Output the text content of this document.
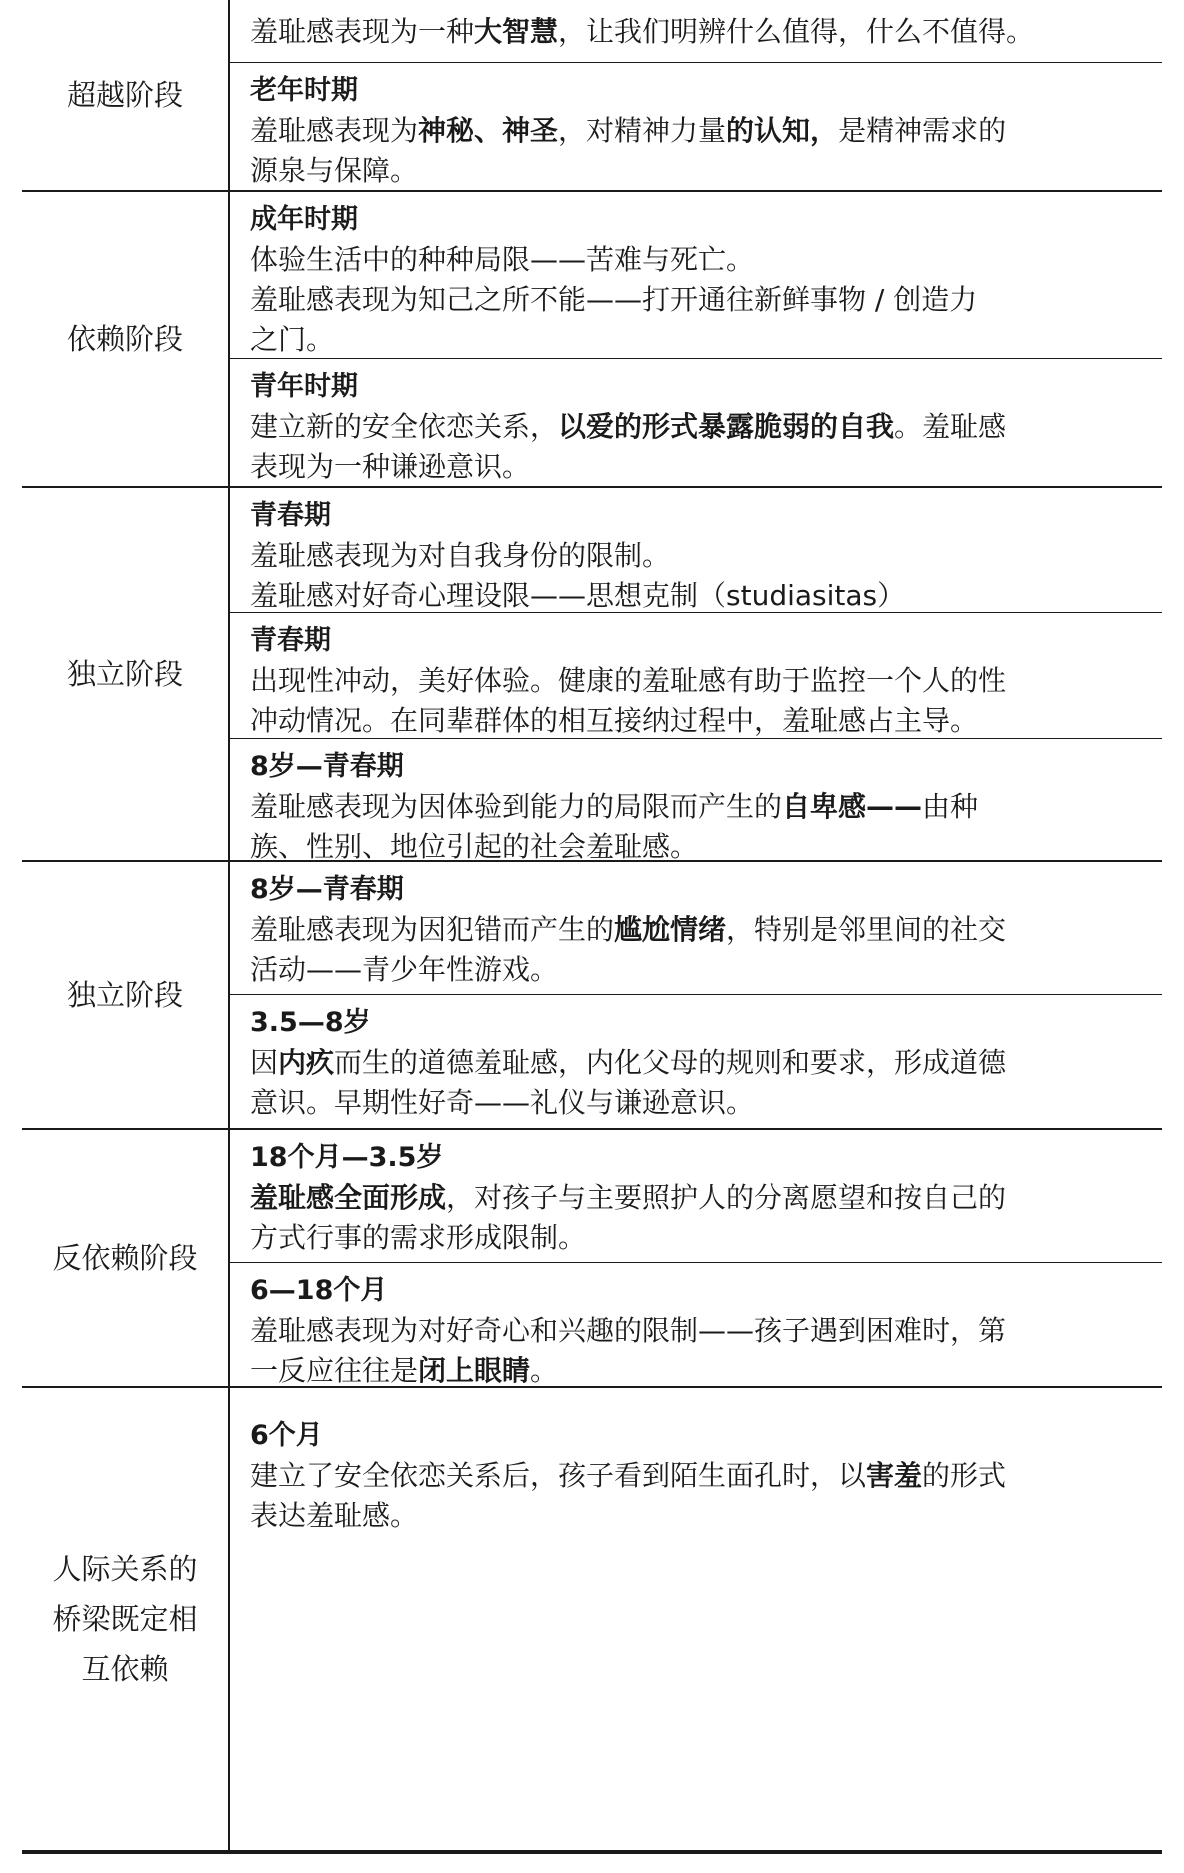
超越阶段
羞耻感表现为一种大智慧，让我们明辨什么值得，什么不值得。
老年时期
羞耻感表现为神秘、神圣，对精神力量的认知，是精神需求的
源泉与保障。
依赖阶段
成年时期
体验生活中的种种局限——苦难与死亡。
羞耻感表现为知己之所不能——打开通往新鲜事物 / 创造力
之门。
青年时期
建立新的安全依恋关系，以爱的形式暴露脆弱的自我。羞耻感
表现为一种谦逊意识。
独立阶段
青春期
羞耻感表现为对自我身份的限制。
羞耻感对好奇心理设限——思想克制（studiasitas）
青春期
出现性冲动，美好体验。健康的羞耻感有助于监控一个人的性
冲动情况。在同辈群体的相互接纳过程中，羞耻感占主导。
8岁—青春期
羞耻感表现为因体验到能力的局限而产生的自卑感——由种
族、性别、地位引起的社会羞耻感。
独立阶段
8岁—青春期
羞耻感表现为因犯错而产生的尴尬情绪，特别是邻里间的社交
活动——青少年性游戏。
3.5—8岁
因内疚而生的道德羞耻感，内化父母的规则和要求，形成道德
意识。早期性好奇——礼仪与谦逊意识。
反依赖阶段
18个月—3.5岁
羞耻感全面形成，对孩子与主要照护人的分离愿望和按自己的
方式行事的需求形成限制。
6—18个月
羞耻感表现为对好奇心和兴趣的限制——孩子遇到困难时，第
一反应往往是闭上眼睛。
人际关系的桥梁既定相互依赖
6个月
建立了安全依恋关系后，孩子看到陌生面孔时，以害羞的形式
表达羞耻感。
